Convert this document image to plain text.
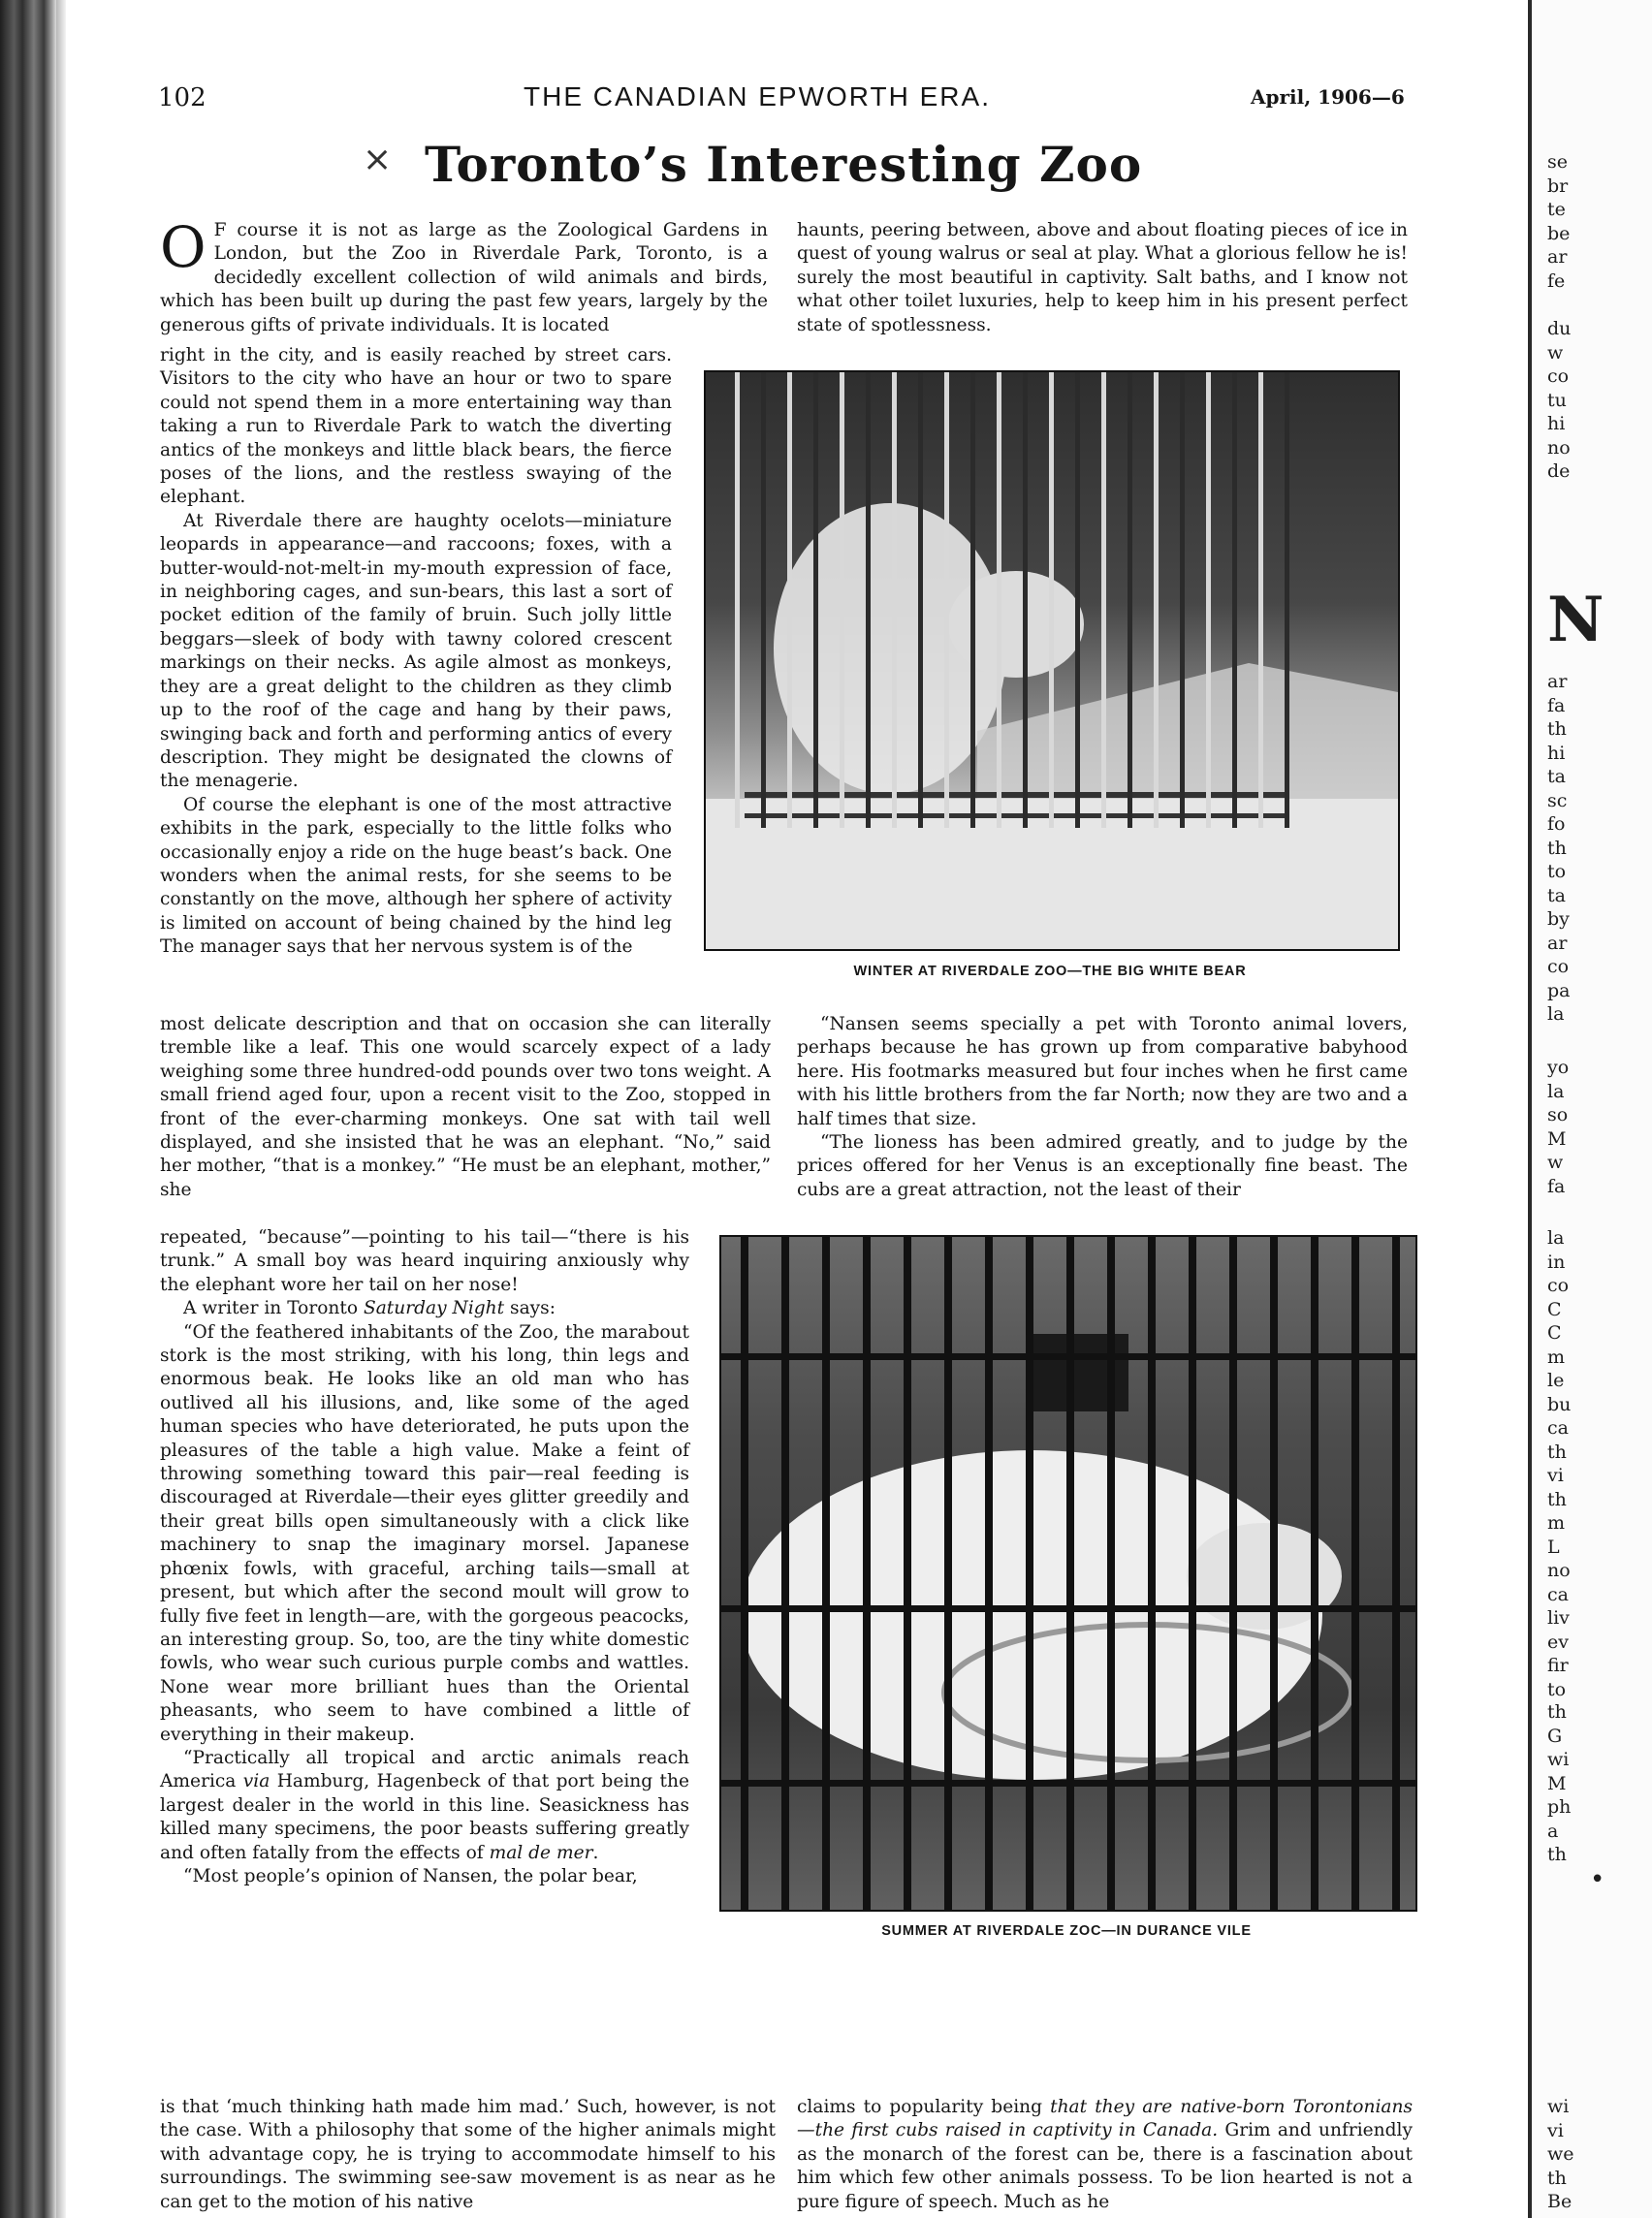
102	THE CANADIAN EPWORTH ERA.	April, 1906—6
× Toronto’s Interesting Zoo

O F course it is not as large as the Zoological Gardens in London, but the Zoo in Riverdale Park, Toronto, is a decidedly excellent collection of wild animals and birds, which has been built up during the past few years, largely by the generous gifts of private individuals. It is located

right in the city, and is easily reached by street cars. Visitors to the city who have an hour or two to spare could not spend them in a more entertaining way than taking a run to Riverdale Park to watch the diverting antics of the monkeys and little black bears, the fierce poses of the lions, and the restless swaying of the elephant.

At Riverdale there are haughty ocelots—miniature leopards in appearance—and raccoons; foxes, with a butter-would-not-melt-in my-mouth expression of face, in neighboring cages, and sun-bears, this last a sort of pocket edition of the family of bruin. Such jolly little beggars—sleek of body with tawny colored crescent markings on their necks. As agile almost as monkeys, they are a great delight to the children as they climb up to the roof of the cage and hang by their paws, swinging back and forth and performing antics of every description. They might be designated the clowns of the menagerie.

Of course the elephant is one of the most attractive exhibits in the park, especially to the little folks who occasionally enjoy a ride on the huge beast’s back. One wonders when the animal rests, for she seems to be constantly on the move, although her sphere of activity is limited on account of being chained by the hind leg The manager says that her nervous system is of the

most delicate description and that on occasion she can literally tremble like a leaf. This one would scarcely expect of a lady weighing some three hundred-odd pounds over two tons weight. A small friend aged four, upon a recent visit to the Zoo, stopped in front of the ever-charming monkeys. One sat with tail well displayed, and she insisted that he was an elephant. “No,” said her mother, “that is a monkey.” “He must be an elephant, mother,” she

repeated, “because”—pointing to his tail—“there is his trunk.” A small boy was heard inquiring anxiously why the elephant wore her tail on her nose!

A writer in Toronto Saturday Night says:

“Of the feathered inhabitants of the Zoo, the marabout stork is the most striking, with his long, thin legs and enormous beak. He looks like an old man who has outlived all his illusions, and, like some of the aged human species who have deteriorated, he puts upon the pleasures of the table a high value. Make a feint of throwing something toward this pair—real feeding is discouraged at Riverdale—their eyes glitter greedily and their great bills open simultaneously with a click like machinery to snap the imaginary morsel. Japanese phœnix fowls, with graceful, arching tails—small at present, but which after the second moult will grow to fully five feet in length—are, with the gorgeous peacocks, an interesting group. So, too, are the tiny white domestic fowls, who wear such curious purple combs and wattles. None wear more brilliant hues than the Oriental pheasants, who seem to have combined a little of everything in their makeup.

“Practically all tropical and arctic animals reach America via Hamburg, Hagenbeck of that port being the largest dealer in the world in this line. Seasickness has killed many specimens, the poor beasts suffering greatly and often fatally from the effects of mal de mer.

“Most people’s opinion of Nansen, the polar bear,

is that ‘much thinking hath made him mad.’ Such, however, is not the case. With a philosophy that some of the higher animals might with advantage copy, he is trying to accommodate himself to his surroundings. The swimming see-saw movement is as near as he can get to the motion of his native

haunts, peering between, above and about floating pieces of ice in quest of young walrus or seal at play. What a glorious fellow he is! surely the most beautiful in captivity. Salt baths, and I know not what other toilet luxuries, help to keep him in his present perfect state of spotlessness.

WINTER AT RIVERDALE ZOO—THE BIG WHITE BEAR

“Nansen seems specially a pet with Toronto animal lovers, perhaps because he has grown up from comparative babyhood here. His footmarks measured but four inches when he first came with his little brothers from the far North; now they are two and a half times that size.

“The lioness has been admired greatly, and to judge by the prices offered for her Venus is an exceptionally fine beast. The cubs are a great attraction, not the least of their

SUMMER AT RIVERDALE ZOC—IN DURANCE VILE

claims to popularity being that they are native-born Torontonians—the first cubs raised in captivity in Canada. Grim and unfriendly as the monarch of the forest can be, there is a fascination about him which few other animals possess. To be lion hearted is not a pure figure of speech. Much as he

se
br
te
be
ar
fe
du
w
co
tu
hi
no
de
N
ar
fa
th
hi
ta
sc
fo
th
to
ta
by
ar
co
pa
la
yo
la
so
M
w
fa
la
in
co
C
C
m
le
bu
ca
th
vi
th
m
L
no
ca
liv
ev
fir
to
th
G
wi
M
ph
a
th
•
wi
vi
we
th
Be
